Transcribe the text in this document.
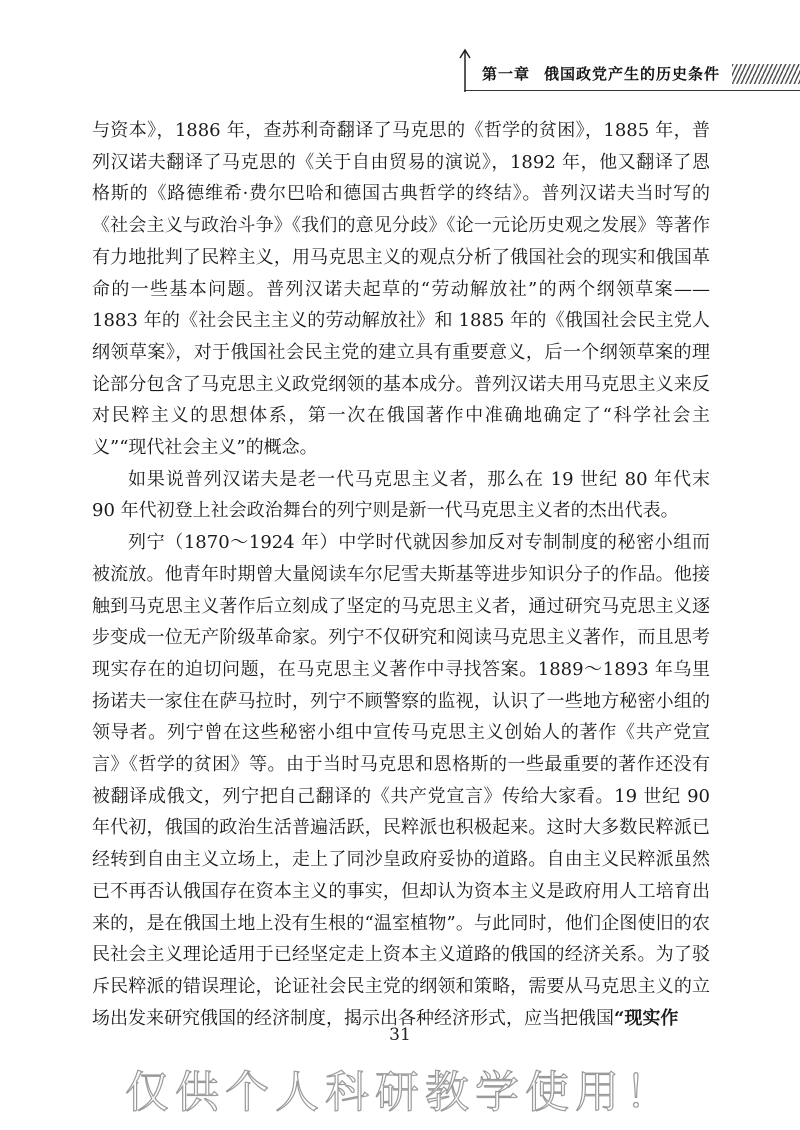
第一章 俄国政党产生的历史条件

与资本》，1886 年，查苏利奇翻译了马克思的《哲学的贫困》，1885 年，普列汉诺夫翻译了马克思的《关于自由贸易的演说》，1892 年，他又翻译了恩格斯的《路德维希·费尔巴哈和德国古典哲学的终结》。普列汉诺夫当时写的《社会主义与政治斗争》《我们的意见分歧》《论一元论历史观之发展》等著作有力地批判了民粹主义，用马克思主义的观点分析了俄国社会的现实和俄国革命的一些基本问题。普列汉诺夫起草的“劳动解放社”的两个纲领草案——1883 年的《社会民主主义的劳动解放社》和 1885 年的《俄国社会民主党人纲领草案》，对于俄国社会民主党的建立具有重要意义，后一个纲领草案的理论部分包含了马克思主义政党纲领的基本成分。普列汉诺夫用马克思主义来反对民粹主义的思想体系，第一次在俄国著作中准确地确定了“科学社会主义”“现代社会主义”的概念。

如果说普列汉诺夫是老一代马克思主义者，那么在 19 世纪 80 年代末 90 年代初登上社会政治舞台的列宁则是新一代马克思主义者的杰出代表。

列宁（1870～1924 年）中学时代就因参加反对专制制度的秘密小组而被流放。他青年时期曾大量阅读车尔尼雪夫斯基等进步知识分子的作品。他接触到马克思主义著作后立刻成了坚定的马克思主义者，通过研究马克思主义逐步变成一位无产阶级革命家。列宁不仅研究和阅读马克思主义著作，而且思考现实存在的迫切问题，在马克思主义著作中寻找答案。1889～1893 年乌里扬诺夫一家住在萨马拉时，列宁不顾警察的监视，认识了一些地方秘密小组的领导者。列宁曾在这些秘密小组中宣传马克思主义创始人的著作《共产党宣言》《哲学的贫困》等。由于当时马克思和恩格斯的一些最重要的著作还没有被翻译成俄文，列宁把自己翻译的《共产党宣言》传给大家看。19 世纪 90 年代初，俄国的政治生活普遍活跃，民粹派也积极起来。这时大多数民粹派已经转到自由主义立场上，走上了同沙皇政府妥协的道路。自由主义民粹派虽然已不再否认俄国存在资本主义的事实，但却认为资本主义是政府用人工培育出来的，是在俄国土地上没有生根的“温室植物”。与此同时，他们企图使旧的农民社会主义理论适用于已经坚定走上资本主义道路的俄国的经济关系。为了驳斥民粹派的错误理论，论证社会民主党的纲领和策略，需要从马克思主义的立场出发来研究俄国的经济制度，揭示出各种经济形式，应当把俄国“现实作

31
仅供个人科研教学使用！
